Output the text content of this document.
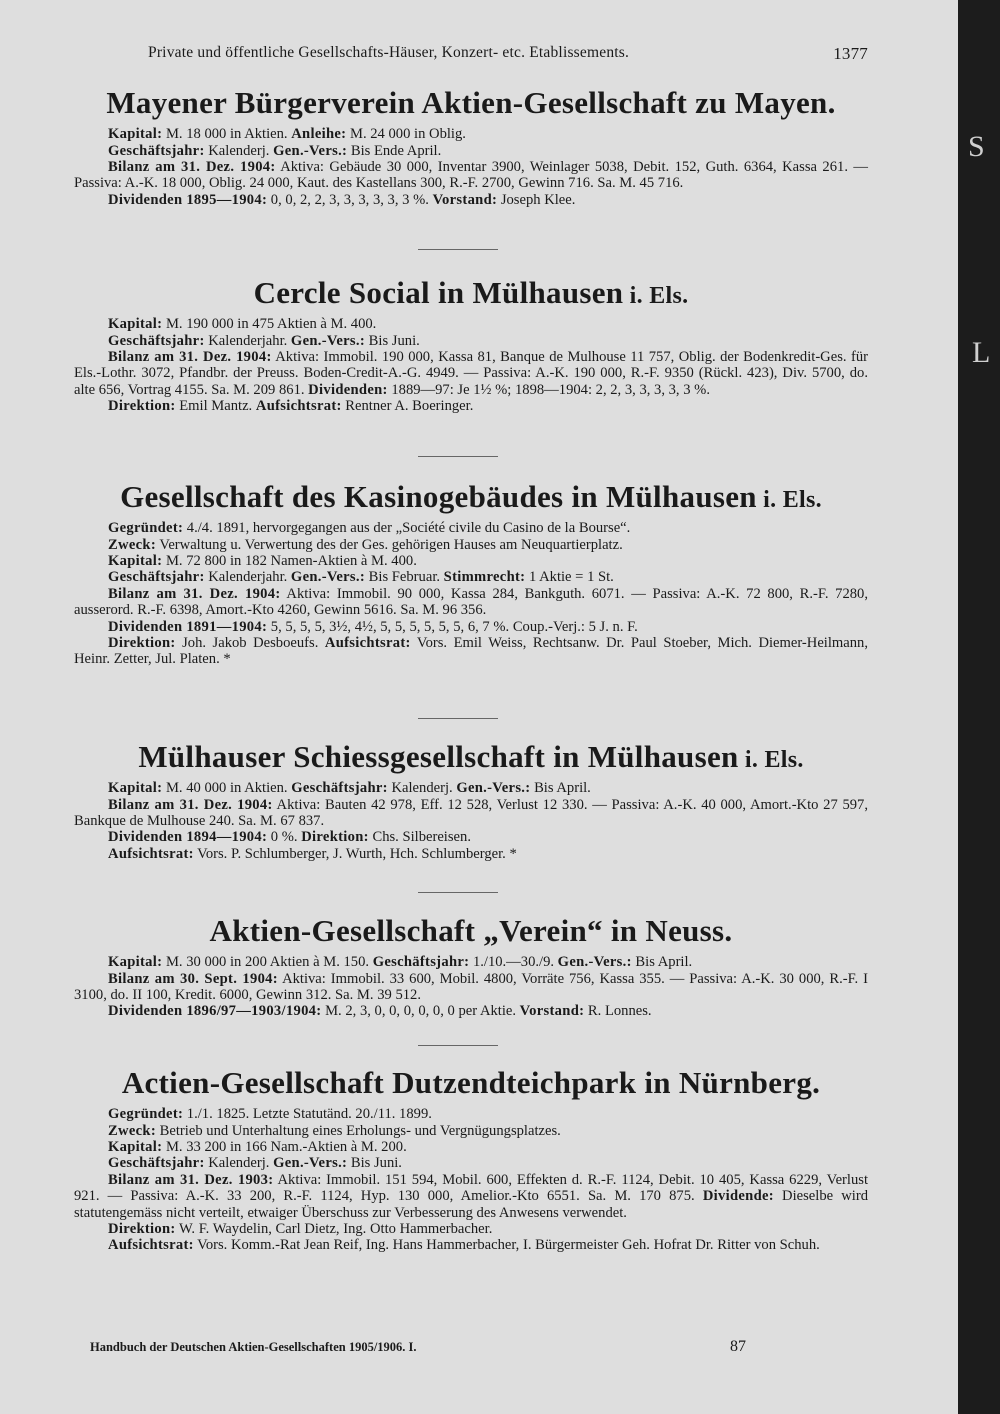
Private und öffentliche Gesellschafts-Häuser, Konzert- etc. Etablissements.	1377
Mayener Bürgerverein Aktien-Gesellschaft zu Mayen.

Kapital: M. 18 000 in Aktien. Anleihe: M. 24 000 in Oblig.

Geschäftsjahr: Kalenderj. Gen.-Vers.: Bis Ende April.

Bilanz am 31. Dez. 1904: Aktiva: Gebäude 30 000, Inventar 3900, Weinlager 5038, Debit. 152, Guth. 6364, Kassa 261. — Passiva: A.-K. 18 000, Oblig. 24 000, Kaut. des Kastellans 300, R.-F. 2700, Gewinn 716. Sa. M. 45 716.

Dividenden 1895—1904: 0, 0, 2, 2, 3, 3, 3, 3, 3, 3 %. Vorstand: Joseph Klee.

Cercle Social in Mülhausen i. Els.

Kapital: M. 190 000 in 475 Aktien à M. 400.

Geschäftsjahr: Kalenderjahr. Gen.-Vers.: Bis Juni.

Bilanz am 31. Dez. 1904: Aktiva: Immobil. 190 000, Kassa 81, Banque de Mulhouse 11 757, Oblig. der Bodenkredit-Ges. für Els.-Lothr. 3072, Pfandbr. der Preuss. Boden-Credit-A.-G. 4949. — Passiva: A.-K. 190 000, R.-F. 9350 (Rückl. 423), Div. 5700, do. alte 656, Vortrag 4155. Sa. M. 209 861. Dividenden: 1889—97: Je 1½ %; 1898—1904: 2, 2, 3, 3, 3, 3, 3 %.

Direktion: Emil Mantz. Aufsichtsrat: Rentner A. Boeringer.

Gesellschaft des Kasinogebäudes in Mülhausen i. Els.

Gegründet: 4./4. 1891, hervorgegangen aus der „Société civile du Casino de la Bourse“.

Zweck: Verwaltung u. Verwertung des der Ges. gehörigen Hauses am Neuquartierplatz.

Kapital: M. 72 800 in 182 Namen-Aktien à M. 400.

Geschäftsjahr: Kalenderjahr. Gen.-Vers.: Bis Februar. Stimmrecht: 1 Aktie = 1 St.

Bilanz am 31. Dez. 1904: Aktiva: Immobil. 90 000, Kassa 284, Bankguth. 6071. — Passiva: A.-K. 72 800, R.-F. 7280, ausserord. R.-F. 6398, Amort.-Kto 4260, Gewinn 5616. Sa. M. 96 356.

Dividenden 1891—1904: 5, 5, 5, 5, 3½, 4½, 5, 5, 5, 5, 5, 5, 6, 7 %. Coup.-Verj.: 5 J. n. F.

Direktion: Joh. Jakob Desboeufs. Aufsichtsrat: Vors. Emil Weiss, Rechtsanw. Dr. Paul Stoeber, Mich. Diemer-Heilmann, Heinr. Zetter, Jul. Platen. *

Mülhauser Schiessgesellschaft in Mülhausen i. Els.

Kapital: M. 40 000 in Aktien. Geschäftsjahr: Kalenderj. Gen.-Vers.: Bis April.

Bilanz am 31. Dez. 1904: Aktiva: Bauten 42 978, Eff. 12 528, Verlust 12 330. — Passiva: A.-K. 40 000, Amort.-Kto 27 597, Bankque de Mulhouse 240. Sa. M. 67 837.

Dividenden 1894—1904: 0 %. Direktion: Chs. Silbereisen.

Aufsichtsrat: Vors. P. Schlumberger, J. Wurth, Hch. Schlumberger. *

Aktien-Gesellschaft „Verein“ in Neuss.

Kapital: M. 30 000 in 200 Aktien à M. 150. Geschäftsjahr: 1./10.—30./9. Gen.-Vers.: Bis April.

Bilanz am 30. Sept. 1904: Aktiva: Immobil. 33 600, Mobil. 4800, Vorräte 756, Kassa 355. — Passiva: A.-K. 30 000, R.-F. I 3100, do. II 100, Kredit. 6000, Gewinn 312. Sa. M. 39 512.

Dividenden 1896/97—1903/1904: M. 2, 3, 0, 0, 0, 0, 0, 0 per Aktie. Vorstand: R. Lonnes.

Actien-Gesellschaft Dutzendteichpark in Nürnberg.

Gegründet: 1./1. 1825. Letzte Statutänd. 20./11. 1899.

Zweck: Betrieb und Unterhaltung eines Erholungs- und Vergnügungsplatzes.

Kapital: M. 33 200 in 166 Nam.-Aktien à M. 200.

Geschäftsjahr: Kalenderj. Gen.-Vers.: Bis Juni.

Bilanz am 31. Dez. 1903: Aktiva: Immobil. 151 594, Mobil. 600, Effekten d. R.-F. 1124, Debit. 10 405, Kassa 6229, Verlust 921. — Passiva: A.-K. 33 200, R.-F. 1124, Hyp. 130 000, Amelior.-Kto 6551. Sa. M. 170 875. Dividende: Dieselbe wird statutengemäss nicht verteilt, etwaiger Überschuss zur Verbesserung des Anwesens verwendet.

Direktion: W. F. Waydelin, Carl Dietz, Ing. Otto Hammerbacher.

Aufsichtsrat: Vors. Komm.-Rat Jean Reif, Ing. Hans Hammerbacher, I. Bürgermeister Geh. Hofrat Dr. Ritter von Schuh.

Handbuch der Deutschen Aktien-Gesellschaften 1905/1906. I.	87
S
L
